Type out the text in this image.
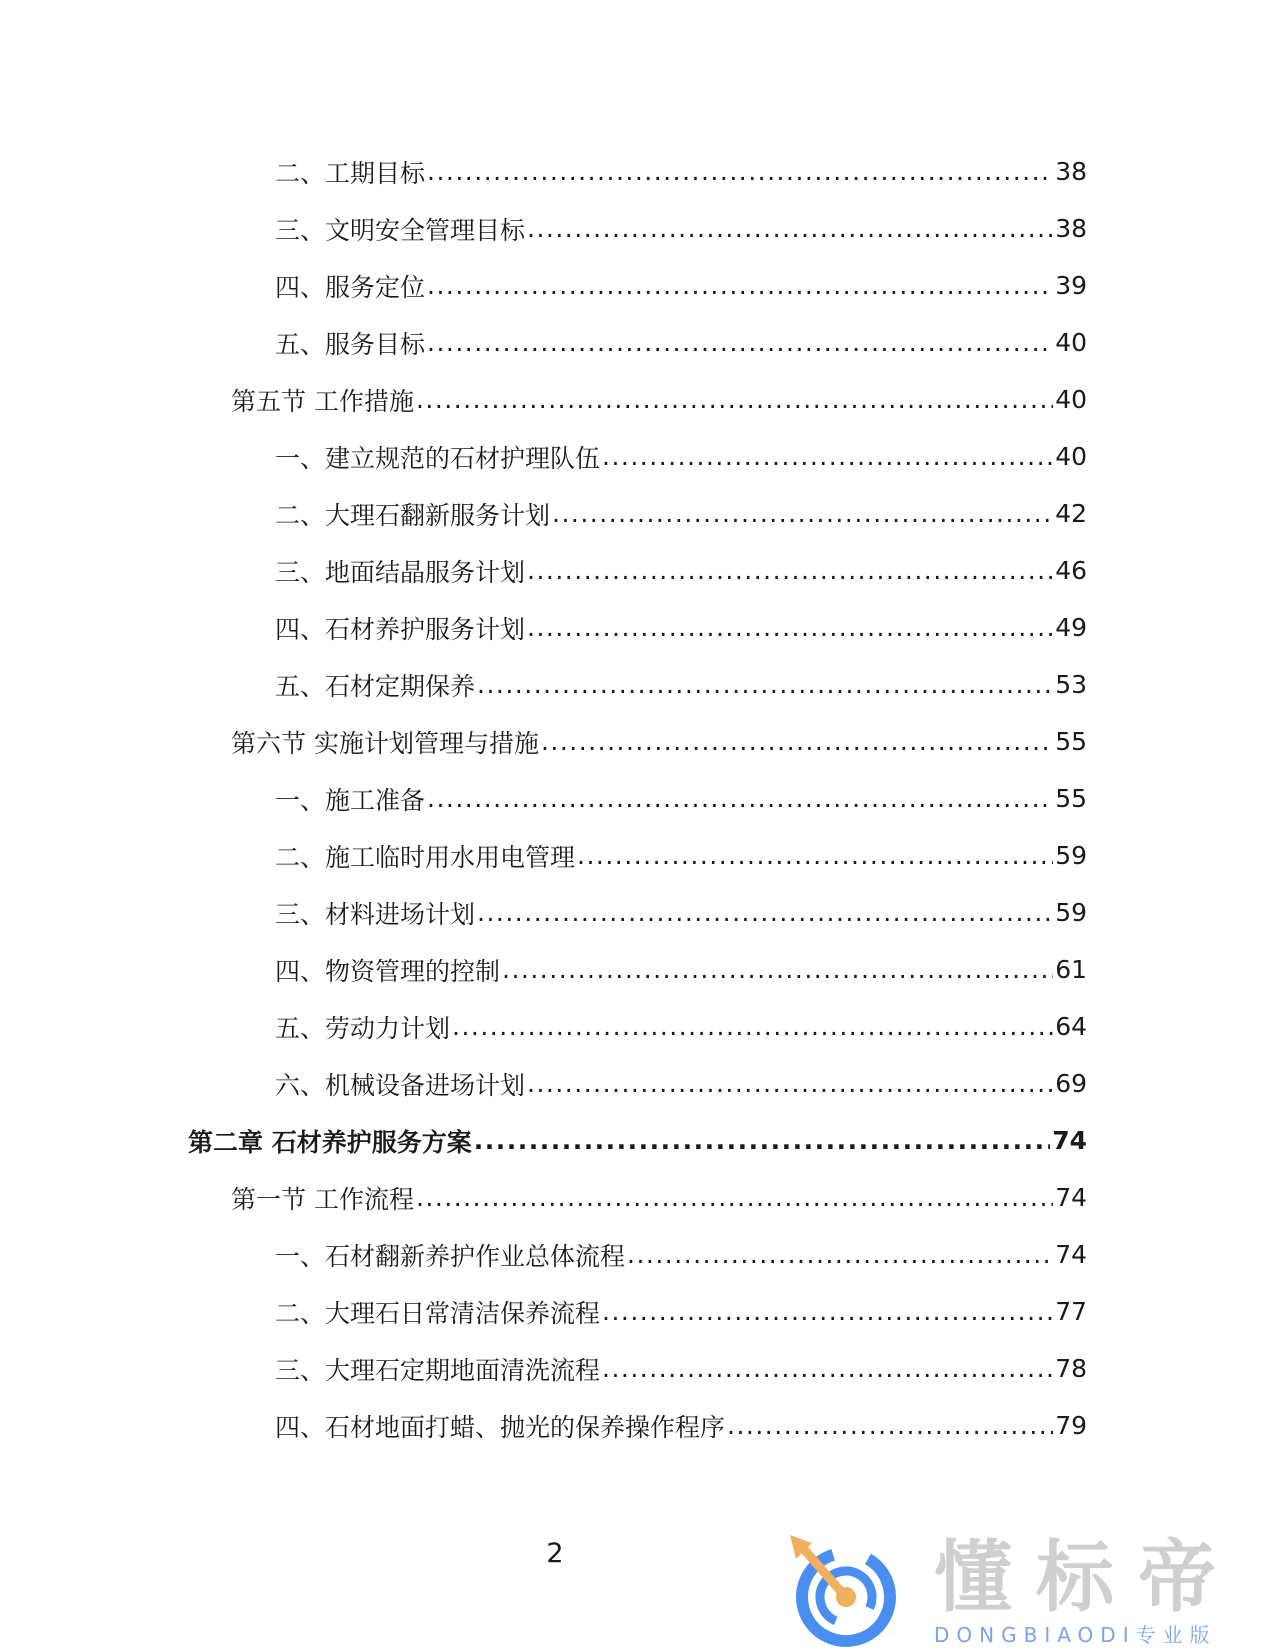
二、工期目标 .....	38
三、文明安全管理目标 .....	38
四、服务定位 .....	39
五、服务目标 .....	40
第五节 工作措施 .....	40
一、建立规范的石材护理队伍 .....	40
二、大理石翻新服务计划 .....	42
三、地面结晶服务计划 .....	46
四、石材养护服务计划 .....	49
五、石材定期保养 .....	53
第六节 实施计划管理与措施 .....	55
一、施工准备 .....	55
二、施工临时用水用电管理 .....	59
三、材料进场计划 .....	59
四、物资管理的控制 .....	61
五、劳动力计划 .....	64
六、机械设备进场计划 .....	69
第二章 石材养护服务方案 .....	74
第一节 工作流程 .....	74
一、石材翻新养护作业总体流程 .....	74
二、大理石日常清洁保养流程 .....	77
三、大理石定期地面清洗流程 .....	78
四、石材地面打蜡、抛光的保养操作程序 .....	79
2	懂标帝
DONGBIAODI专业版
